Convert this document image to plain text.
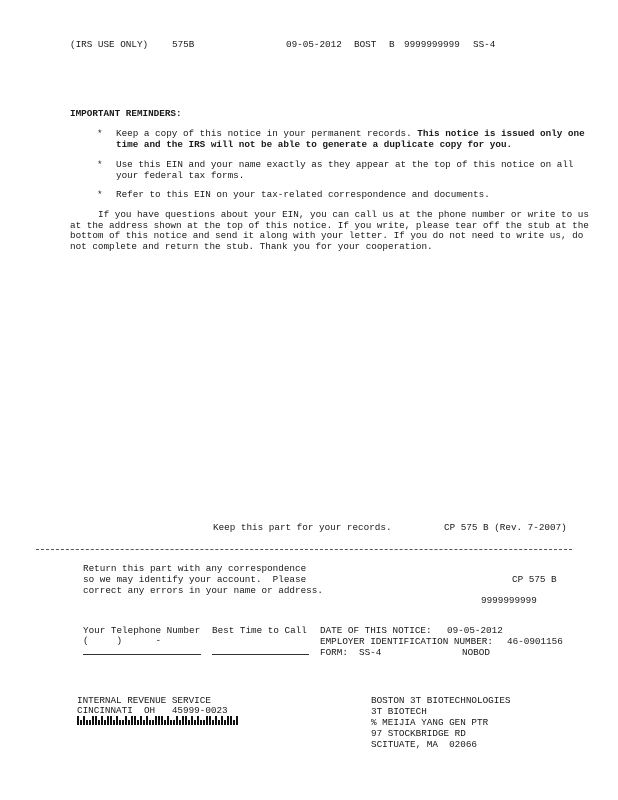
(IRS USE ONLY)	575B	09-05-2012 BOST B 9999999999 SS-4
IMPORTANT REMINDERS:
*	Keep a copy of this notice in your permanent records. This notice is issued only one time and the IRS will not be able to generate a duplicate copy for you.
*	Use this EIN and your name exactly as they appear at the top of this notice on all your federal tax forms.
*	Refer to this EIN on your tax-related correspondence and documents.
If you have questions about your EIN, you can call us at the phone number or write to us at the address shown at the top of this notice. If you write, please tear off the stub at the bottom of this notice and send it along with your letter. If you do not need to write us, do not complete and return the stub. Thank you for your cooperation.
Keep this part for your records.	CP 575 B (Rev. 7-2007)
Return this part with any correspondence
so we may identify your account.  Please
correct any errors in your name or address.
CP 575 B
9999999999
Your Telephone Number Best Time to Call
(     )      -
DATE OF THIS NOTICE: 09-05-2012
EMPLOYER IDENTIFICATION NUMBER: 46-0901156
FORM: SS-4	NOBOD
INTERNAL REVENUE SERVICE
CINCINNATI  OH   45999-0023
BOSTON 3T BIOTECHNOLOGIES
3T BIOTECH
% MEIJIA YANG GEN PTR
97 STOCKBRIDGE RD
SCITUATE, MA  02066
